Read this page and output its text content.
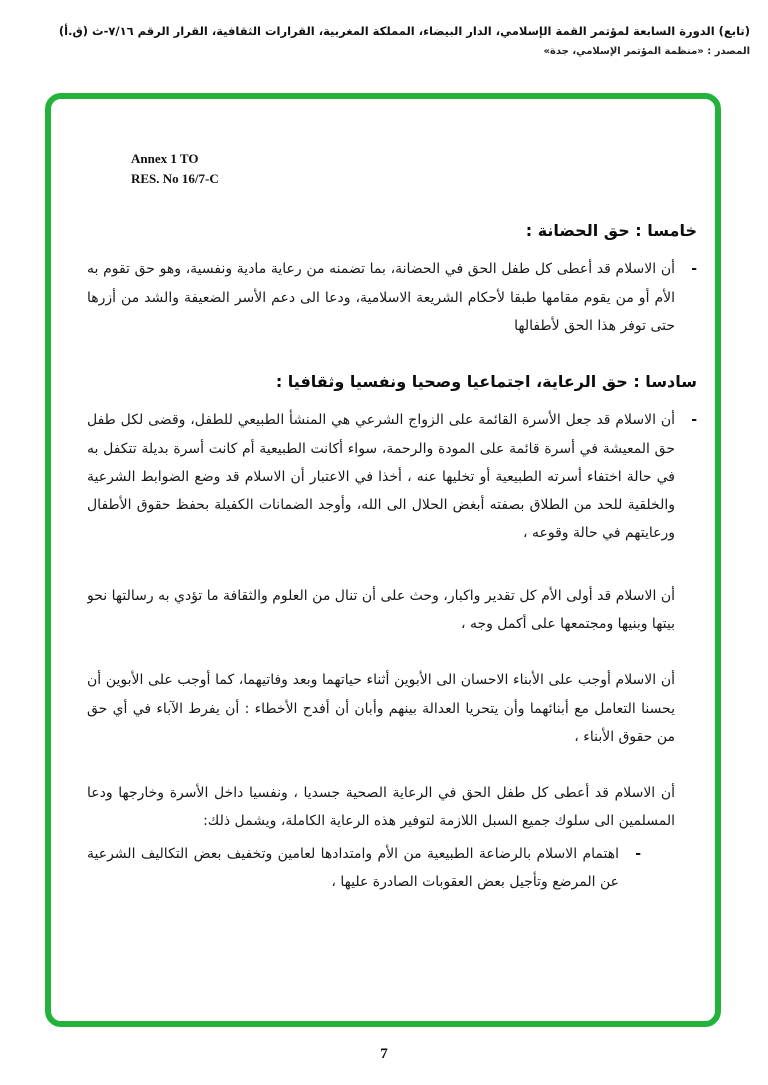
(تابع) الدورة السابعة لمؤتمر القمة الإسلامي، الدار البيضاء، المملكة المغربية، القرارات الثقافية، القرار الرقم ٧/١٦-ث (ق.أ)
المصدر : «منظمة المؤتمر الإسلامي، جدة»
Annex 1 TO
RES. No 16/7-C
خامسا : حق الحضانة :
-

أن الاسلام قد أعطى كل طفل الحق في الحضانة، بما تضمنه من رعاية مادية ونفسية، وهو حق تقوم به الأم أو من يقوم مقامها طبقا لأحكام الشريعة الاسلامية، ودعا الى دعم الأسر الضعيفة والشد من أزرها حتى توفر هذا الحق لأطفالها

سادسا : حق الرعاية، اجتماعيا وصحيا ونفسيا وثقافيا :
-

أن الاسلام قد جعل الأسرة القائمة على الزواج الشرعي هي المنشأ الطبيعي للطفل، وقضى لكل طفل حق المعيشة في أسرة قائمة على المودة والرحمة، سواء أكانت الطبيعية أم كانت أسرة بديلة تتكفل به في حالة اختفاء أسرته الطبيعية أو تخليها عنه ، أخذا في الاعتبار أن الاسلام قد وضع الضوابط الشرعية والخلقية للحد من الطلاق بصفته أبغض الحلال الى الله، وأوجد الضمانات الكفيلة بحفظ حقوق الأطفال ورعايتهم في حالة وقوعه ،

أن الاسلام قد أولى الأم كل تقدير واكبار، وحث على أن تنال من العلوم والثقافة ما تؤدي به رسالتها نحو بيتها وبنيها ومجتمعها على أكمل وجه ،

أن الاسلام أوجب على الأبناء الاحسان الى الأبوين أثناء حياتهما وبعد وفاتيهما، كما أوجب على الأبوين أن يحسنا التعامل مع أبنائهما وأن يتحريا العدالة بينهم وأبان أن أفدح الأخطاء : أن يفرط الآباء في أي حق من حقوق الأبناء ،

أن الاسلام قد أعطى كل طفل الحق في الرعاية الصحية جسديا ، ونفسيا داخل الأسرة وخارجها ودعا المسلمين الى سلوك جميع السبل اللازمة لتوفير هذه الرعاية الكاملة، ويشمل ذلك:

-

اهتمام الاسلام بالرضاعة الطبيعية من الأم وامتدادها لعامين وتخفيف بعض التكاليف الشرعية عن المرضع وتأجيل بعض العقوبات الصادرة عليها ،

7
